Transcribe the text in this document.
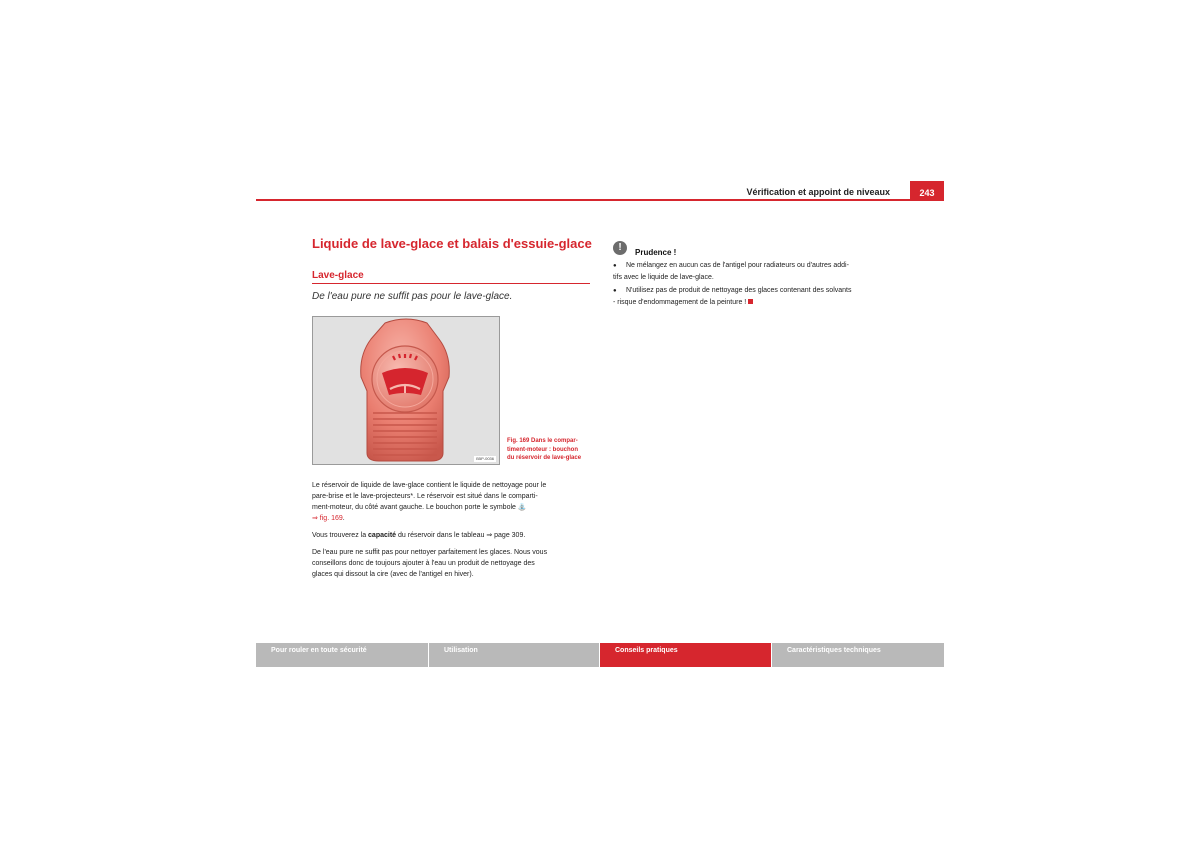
Vérification et appoint de niveaux	243
Liquide de lave-glace et balais d'essuie-glace
Lave-glace
De l'eau pure ne suffit pas pour le lave-glace.
B5P-0036
Fig. 169 Dans le compar-
timent-moteur : bouchon
du réservoir de lave-glace

Le réservoir de liquide de lave-glace contient le liquide de nettoyage pour le

pare-brise et le lave-projecteurs*. Le réservoir est situé dans le comparti-

ment-moteur, du côté avant gauche. Le bouchon porte le symbole ⛲

⇒ fig. 169.

Vous trouverez la capacité du réservoir dans le tableau ⇒ page 309.

De l'eau pure ne suffit pas pour nettoyer parfaitement les glaces. Nous vous

conseillons donc de toujours ajouter à l'eau un produit de nettoyage des

glaces qui dissout la cire (avec de l'antigel en hiver).

!	Prudence !
● Ne mélangez en aucun cas de l'antigel pour radiateurs ou d'autres addi-
tifs avec le liquide de lave-glace.
● N'utilisez pas de produit de nettoyage des glaces contenant des solvants
- risque d'endommagement de la peinture !
Pour rouler en toute sécurité	Utilisation	Conseils pratiques	Caractéristiques techniques
